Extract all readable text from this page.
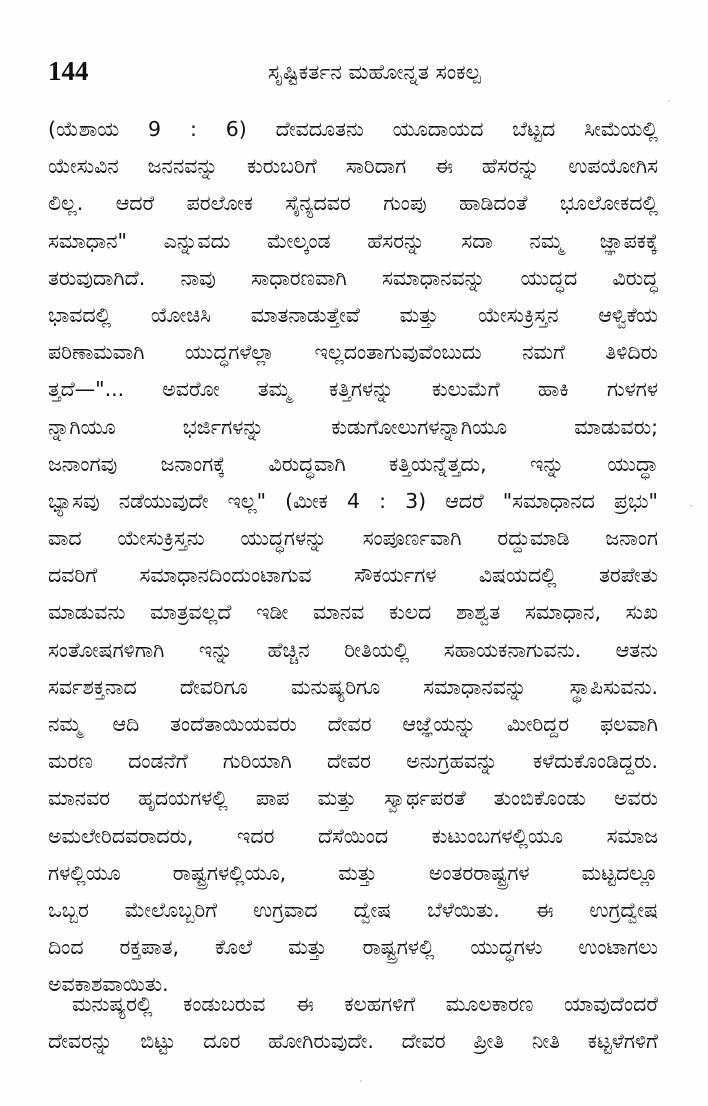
144	ಸೃಷ್ಟಿಕರ್ತನ ಮಹೋನ್ನತ ಸಂಕಲ್ಪ
(ಯೆಶಾಯ 9 : 6) ದೇವದೂತನು ಯೂದಾಯದ ಬೆಟ್ಟದ ಸೀಮೆಯಲ್ಲಿ
ಯೇಸುವಿನ ಜನನವನ್ನು ಕುರುಬರಿಗೆ ಸಾರಿದಾಗ ಈ ಹೆಸರನ್ನು ಉಪಯೋಗಿಸ
ಲಿಲ್ಲ. ಆದರೆ ಪರಲೋಕ ಸೈನ್ಯದವರ ಗುಂಪು ಹಾಡಿದಂತೆ ಭೂಲೋಕದಲ್ಲಿ
ಸಮಾಧಾನ" ಎನ್ನುವದು ಮೇಲ್ಕಂಡ ಹೆಸರನ್ನು ಸದಾ ನಮ್ಮ ಜ್ಞಾಪಕಕ್ಕೆ
ತರುವುದಾಗಿದೆ. ನಾವು ಸಾಧಾರಣವಾಗಿ ಸಮಾಧಾನವನ್ನು ಯುದ್ಧದ ವಿರುದ್ಧ
ಭಾವದಲ್ಲಿ ಯೋಚಿಸಿ ಮಾತನಾಡುತ್ತೇವೆ ಮತ್ತು ಯೇಸುಕ್ರಿಸ್ತನ ಆಳ್ವಿಕೆಯ
ಪರಿಣಾಮವಾಗಿ ಯುದ್ಧಗಳೆಲ್ಲಾ ಇಲ್ಲದಂತಾಗುವುವೆಂಬುದು ನಮಗೆ ತಿಳಿದಿರು
ತ್ತದೆ—"... ಅವರೋ ತಮ್ಮ ಕತ್ತಿಗಳನ್ನು ಕುಲುಮೆಗೆ ಹಾಕಿ ಗುಳಗಳ
ನ್ನಾಗಿಯೂ ಭರ್ಜಿಗಳನ್ನು ಕುಡುಗೋಲುಗಳನ್ನಾಗಿಯೂ ಮಾಡುವರು;
ಜನಾಂಗವು ಜನಾಂಗಕ್ಕೆ ವಿರುದ್ಧವಾಗಿ ಕತ್ತಿಯನ್ನೆತ್ತದು, ಇನ್ನು ಯುದ್ಧಾ
ಭ್ಯಾಸವು ನಡೆಯುವುದೇ ಇಲ್ಲ" (ಮೀಕ 4 : 3) ಆದರೆ "ಸಮಾಧಾನದ ಪ್ರಭು"
ವಾದ ಯೇಸುಕ್ರಿಸ್ತನು ಯುದ್ಧಗಳನ್ನು ಸಂಪೂರ್ಣವಾಗಿ ರದ್ದುಮಾಡಿ ಜನಾಂಗ
ದವರಿಗೆ ಸಮಾಧಾನದಿಂದುಂಟಾಗುವ ಸೌಕರ್ಯಗಳ ವಿಷಯದಲ್ಲಿ ತರಪೇತು
ಮಾಡುವನು ಮಾತ್ರವಲ್ಲದೆ ಇಡೀ ಮಾನವ ಕುಲದ ಶಾಶ್ವತ ಸಮಾಧಾನ, ಸುಖ
ಸಂತೋಷಗಳಿಗಾಗಿ ಇನ್ನು ಹೆಚ್ಚಿನ ರೀತಿಯಲ್ಲಿ ಸಹಾಯಕನಾಗುವನು. ಆತನು
ಸರ್ವಶಕ್ತನಾದ ದೇವರಿಗೂ ಮನುಷ್ಯರಿಗೂ ಸಮಾಧಾನವನ್ನು ಸ್ಥಾಪಿಸುವನು.
ನಮ್ಮ ಆದಿ ತಂದೆತಾಯಿಯವರು ದೇವರ ಆಜ್ಞೆಯನ್ನು ಮೀರಿದ್ದರ ಫಲವಾಗಿ
ಮರಣ ದಂಡನೆಗೆ ಗುರಿಯಾಗಿ ದೇವರ ಅನುಗ್ರಹವನ್ನು ಕಳೆದುಕೊಂಡಿದ್ದರು.
ಮಾನವರ ಹೃದಯಗಳಲ್ಲಿ ಪಾಪ ಮತ್ತು ಸ್ವಾರ್ಥಪರತೆ ತುಂಬಿಕೊಂಡು ಅವರು
ಅಮಲೇರಿದವರಾದರು, ಇದರ ದೆಸೆಯಿಂದ ಕುಟುಂಬಗಳಲ್ಲಿಯೂ ಸಮಾಜ
ಗಳಲ್ಲಿಯೂ ರಾಷ್ಟ್ರಗಳಲ್ಲಿಯೂ, ಮತ್ತು ಅಂತರರಾಷ್ಟ್ರಗಳ ಮಟ್ಟದಲ್ಲೂ
ಒಬ್ಬರ ಮೇಲೊಬ್ಬರಿಗೆ ಉಗ್ರವಾದ ದ್ವೇಷ ಬೆಳೆಯಿತು. ಈ ಉಗ್ರದ್ವೇಷ
ದಿಂದ ರಕ್ತಪಾತ, ಕೊಲೆ ಮತ್ತು ರಾಷ್ಟ್ರಗಳಲ್ಲಿ ಯುದ್ಧಗಳು ಉಂಟಾಗಲು
ಅವಕಾಶವಾಯಿತು.
ಮನುಷ್ಯರಲ್ಲಿ ಕಂಡುಬರುವ ಈ ಕಲಹಗಳಿಗೆ ಮೂಲಕಾರಣ ಯಾವುದೆಂದರೆ
ದೇವರನ್ನು ಬಿಟ್ಟು ದೂರ ಹೋಗಿರುವುದೇ. ದೇವರ ಪ್ರೀತಿ ನೀತಿ ಕಟ್ಟಳೆಗಳಿಗೆ
